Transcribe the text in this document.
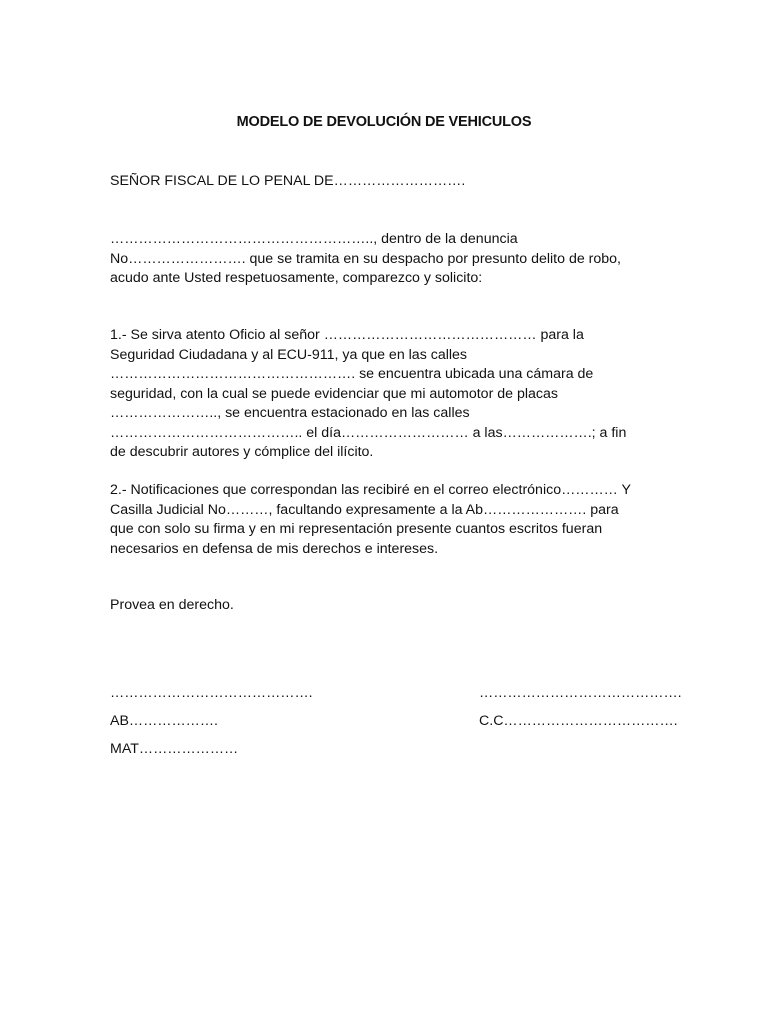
MODELO DE DEVOLUCIÓN DE VEHICULOS

SEÑOR FISCAL DE LO PENAL DE……………………….

……………………………………………….., dentro de la denuncia No……………………. que se tramita en su despacho por presunto delito de robo, acudo ante Usted respetuosamente, comparezco y solicito:

1.- Se sirva atento Oficio al señor ……………………………………… para la Seguridad Ciudadana y al ECU-911, ya que en las calles ……………………………………………. se encuentra ubicada una cámara de seguridad, con la cual se puede evidenciar que mi automotor de placas ………………….., se encuentra estacionado en las calles ………………………………….. el día……………………… a las……………….; a fin de descubrir autores y cómplice del ilícito.

2.- Notificaciones que correspondan las recibiré en el correo electrónico………… Y Casilla Judicial No………, facultando expresamente a la Ab…………………. para que con solo su firma y en mi representación presente cuantos escritos fueran necesarios en defensa de mis derechos e intereses.

Provea en derecho.

…………………………………….	…………………………………….
AB……………….	C.C……………………………….
MAT…………………
